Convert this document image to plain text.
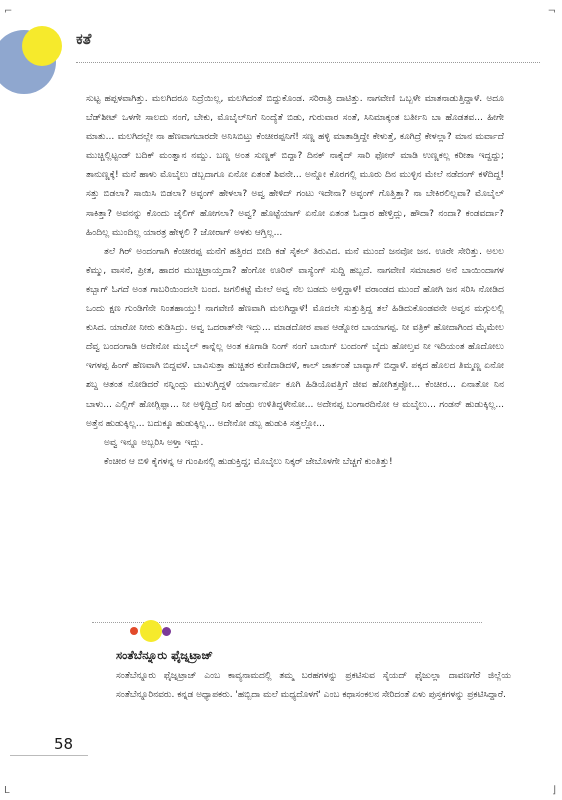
ಕತೆ
⌐	¬
L	⌋

ಸುಟ್ಟ ಹಪ್ಪಳವಾಗಿತ್ತು. ಮಲಗಿದರೂ ನಿದ್ರೆಯಿಲ್ಲ, ಮಲಗಿದಂತೆ ಬಿದ್ದುಕೊಂಡ. ಸರಿರಾತ್ರಿ ದಾಟಿತ್ತು. ನಾಗವೇಣಿ ಒಬ್ಬಳೇ ಮಾತನಾಡುತ್ತಿದ್ದಾಳೆ. ಅದೂ ಬೆಡ್‌ಶೀಟ್ ಒಳಗೇ ಸಾಲದು ನಂಗೆ, ಬೇಕು, ಮೊಬೈಲ್‌ನಿಗೆ ನಿಂದ್ಯೆತೆ ಬಿಡು, ಗುರುವಾರ ಸಂತೆ, ಸಿನಿಮಾಕ್ಕಂತ ಬರ್ತೀನಿ ಬಾ ಹೊಡತವ... ಹೀಗೇ ಮಾತು... ಮಲಗಿದಲ್ಲೇ ನಾ ಹೆಣವಾಗಬಾರದೇ ಅನಿಸಿಬಿಟ್ತು ಕೆಂಚೀರಪ್ಪನಿಗೆ! ಸಣ್ಣ ಹಳ್ಳಿ ಮಾತಾಡ್ತಿದ್ದೇ ಕೇಳುತ್ತೆ, ಕೂಗಿದ್ರೆ ಕೇಳಲ್ಲಾ? ಮಾನ ಮರ್ವಾದೆ ಮುಚ್ಚಿಲ್ಲಿಟ್ಟಂಡ್ ಬದಿಕ್ ಮಂತ್ವಾನ ನಮ್ದು. ಬಣ್ಣ ಅಂತ ಸುಣ್ಣಕ್ ಬಿದ್ದಾ? ದಿನಕ್ ನಾಕೈದ್ ಸಾರಿ ಫೋನ್ ಮಾಡಿ ಉಣ್ಣಕಲ್ಲ ಕರೀತಾ ಇದ್ದದ್ದು; ತಾನುಣ್ಣಕ್ಕೆ! ಮನೆ ಹಾಳು ಮೊಬೈಲು ಡಬ್ಬದಾಗೂ ಏನೋ ಏತಂತೆ ಶಿವನೇ... ಅನ್ನೋ ಕೊರಗಲ್ಲಿ ಮೂರು ದಿನ ಮುಳ್ಳಿನ ಮೇಲೆ ನಡೆದಂಗ್ ಕಳೆದಿದ್ದ! ಸತ್ತು ಬಿಡಲಾ? ಸಾಯಿಸಿ ಬಿಡಲಾ? ಅವ್ಳಂಗ್ ಹೇಳಲಾ? ಅವ್ವ ಹೇಳಿದ್ ಗಂಟು ಇದೇನಾ? ಅವ್ಳಂಗ್ ಗೊತ್ತಿತ್ತಾ? ನಾ ಬೇಕಿರಲಿಲ್ಲವಾ? ಮೊಬೈಲ್ ಸಾಕಿತ್ತಾ? ಅವನನ್ನು ಕೊಂದು ಜೈಲಿಗ್ ಹೋಗಲಾ? ಅವ್ವ? ಹೊಟ್ಟೆಯಾಗ್ ಏನೋ ಏತಂತ ಓದ್ತಾರ ಹೇಳ್ತಿದ್ಲು, ಹೌದಾ? ನಂದಾ? ಕಂಡವರ್ದಾ? ಹಿಂದಿಲ್ಲ ಮುಂದಿಲ್ಲ ಯಾರತ್ರ ಹೇಳ್ಳಲಿ ? ಜೋರಾಗ್ ಅಳಕು ಆಗ್ತಿಲ್ಲ...

ತಲೆ ಗಿರ್ ಅಂದಂಗಾಗಿ ಕೆಂಚೀರಪ್ಪ ಮನೆಗೆ ಹತ್ತಿರದ ಬೀದಿ ಕಡೆ ಸೈಕಲ್ ತಿರುವಿದ. ಮನೆ ಮುಂದೆ ಜನವೋ ಜನ. ಊರೇ ಸೇರಿತ್ತು. ಅಲಲ ಕೆಮ್ಮು, ವಾಸನೆ, ಪ್ರೀತ, ಹಾದರ ಮುಚ್ಚಿಟ್ರಾಯ್ತದಾ? ಹೆಂಗೋ ಊರಿನ್ ವಾಸ್ಯೆಂಗ್ ಸುದ್ದಿ ಹಬ್ಬದೆ. ನಾಗವೇಣಿ ಸಮಾಚಾರ ಅನೆ ಬಾಯಿಂದಾಗಳ ಕಬ್ಬಾಗ್ ಓಗದೆ ಅಂತ ಗಾಬರಿಯಿಂದಲೇ ಬಂದ. ಜಗಲಿಕಟ್ಟೆ ಮೇಲೆ ಅವ್ವ ನೆಲ ಬಡದು ಅಳ್ತಿದ್ದಾಳೆ! ವರಾಂಡದ ಮುಂದೆ ಹೋಗಿ ಜನ ಸರಿಸಿ ನೋಡಿದ ಒಂದು ಕ್ಷಣ ಗುಂಡಿಗೆನೇ ನಿಂತಹಾಯ್ತು! ನಾಗವೇಣಿ ಹೆಣವಾಗಿ ಮಲಗಿದ್ದಾಳೆ! ಮೊದಲೇ ಸುತ್ತುತ್ತಿದ್ದ ತಲೆ ಹಿಡಿದುಕೊಂಡವನೇ ಅವ್ವನ ಮಗ್ಗುಲಲ್ಲಿ ಕುಸಿದ. ಯಾರೋ ನೀರು ಕುಡಿಸಿದ್ರು. ಅವ್ವ ಒದರಾತ್‌ನೇ ಇದ್ಲು... ಮಾಡದೋರ ಪಾಪ ಆಡ್ನೋರ ಬಾಯಾಗಪ್ಪ. ನೀ ವತ್ರಿಕ್ ಹೋದಾಗಿಂದ ಮೈಮೇಲ ದೆವ್ವ ಬಂದಂಗಾಡಿ ಅದೇನೋ ಮಬೈಲ್ ಕಾನ್ನೆಲ್ಲ ಅಂತ ಕೂಗಾಡಿ ನಿಂಗ್ ನಂಗೆ ಬಾಯಿಗ್ ಬಂದಂಗ್ ಬೈದು ಹೋಲ್ತವ ನೀ ಇದಿಯಂತ ಹೊದೋಲು ಇಗಳಪ್ಪ ಹಿಂಗ್ ಹೆಣವಾಗಿ ಬಿದ್ದವಳೆ. ಬಾವಿಸುತ್ತಾ ಹುಚ್ಚಿತರ ಕುಣಿದಾಡಿದಳೆ, ಕಾಲ್ ಜಾರ್ತಂತೆ ಬಾವ್ಯಾಗ್ ಬಿದ್ದಾಳೆ. ಪಕ್ಕದ ಹೊಲದ ತಿಮ್ಮಣ್ಣ ಏನೋ ಶಬ್ದ ಆತಂತ ನೋಡಿದರೆ ನನ್ನಿಂದ್ಲು ಮುಳುಗ್ತಿದ್ದಳೆ ಯಾರ್ನಾರ್ನೋ ಕೂಗಿ ಹಿಡಿಯೊವತ್ತಿಗೆ ಜೀವ ಹೋಗಿತ್ತಪ್ಪೋ... ಕೆಂಚೀರ... ಏನಾತೋ ನಿನ ಬಾಳು... ಎಲ್ಲಿಗ್ ಹೋಗ್ಲಿಪ್ಪಾ... ನೀ ಅಳ್ಳಿದ್ದಿದ್ರೆ ನಿನ ಹೆಂಡ್ರು ಉಳಿತಿದ್ದಳೇನೋ... ಅದೇನಪ್ಪ ಬಂಗಾರದಿನೋ ಆ ಮಬೈಲು... ಗಂಡನ್ ಹುಡುಕ್ಕಿಲ್ಲ... ಅತ್ತೆನ ಹುಡುಕ್ಕಿಲ್ಲ... ಬದುಕ್ಕೂ ಹುಡುಕ್ಕಿಲ್ಲ... ಅದೇನೋ ಡಬ್ಬ ಹುಡುಕಿ ಸತ್ತಲ್ಲೋ...

ಅವ್ವ ಇನ್ನೂ ಅಬ್ಬರಿಸಿ ಅಳ್ತಾ ಇದ್ಲು.

ಕೆಂಚೀರ ಆ ಬಿಳಿ ಕೈಗಳನ್ನ ಆ ಗುಂಪಿನಲ್ಲಿ ಹುಡುಕ್ತಿದ್ದ; ಮೊಬೈಲು ನಿಕ್ಕರ್ ಜೇಬೊಳಗೇ ಬೆಚ್ಚಗೆ ಕುಂತಿತ್ತು!

ಸಂತೆಬೆನ್ನೂರು ಫೈಜ್ನಟ್ರಾಜ್

ಸಂತೆಬೆನ್ನೂರು ಫೈಜ್ನಟ್ರಾಜ್ ಎಂಬ ಕಾವ್ಯನಾಮದಲ್ಲಿ ತಮ್ಮ ಬರಹಗಳನ್ನು ಪ್ರಕಟಿಸುವ ಸೈಯದ್ ಫೈಜುಲ್ಲಾ ದಾವಣಗೆರೆ ಜಿಲ್ಲೆಯ ಸಂತೆಬೆನ್ನೂರಿನವರು. ಕನ್ನಡ ಅಧ್ಯಾಪಕರು. 'ಹಬ್ಬಿದಾ ಮಲೆ ಮಧ್ಯದೊಳಗೆ' ಎಂಬ ಕಥಾಸಂಕಲನ ಸೇರಿದಂತೆ ಏಳು ಪುಸ್ತಕಗಳನ್ನು ಪ್ರಕಟಿಸಿದ್ದಾರೆ.

58
